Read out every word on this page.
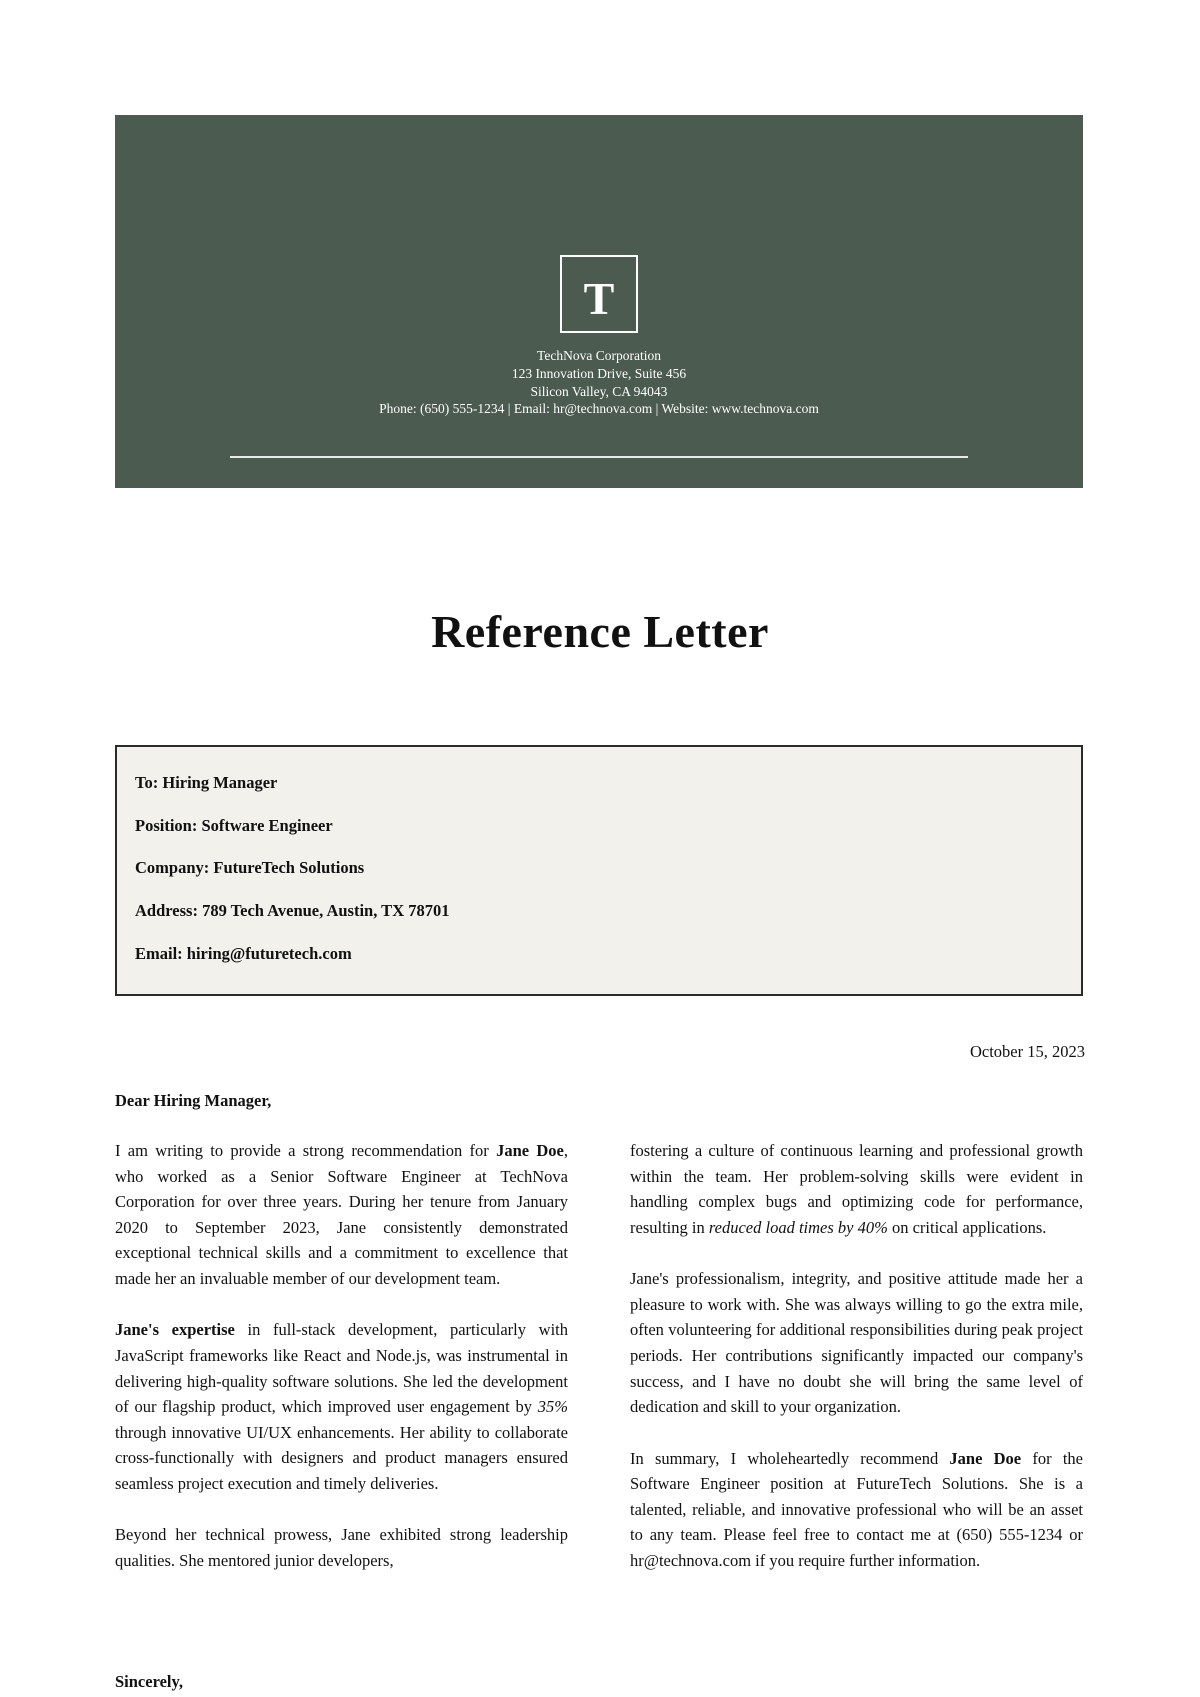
T
TechNova Corporation
123 Innovation Drive, Suite 456
Silicon Valley, CA 94043
Phone: (650) 555-1234 | Email: hr@technova.com | Website: www.technova.com
Reference Letter

To: Hiring Manager

Position: Software Engineer

Company: FutureTech Solutions

Address: 789 Tech Avenue, Austin, TX 78701

Email: hiring@futuretech.com

October 15, 2023
Dear Hiring Manager,

I am writing to provide a strong recommendation for Jane Doe, who worked as a Senior Software Engineer at TechNova Corporation for over three years. During her tenure from January 2020 to September 2023, Jane consistently demonstrated exceptional technical skills and a commitment to excellence that made her an invaluable member of our development team.

Jane's expertise in full-stack development, particularly with JavaScript frameworks like React and Node.js, was instrumental in delivering high-quality software solutions. She led the development of our flagship product, which improved user engagement by 35% through innovative UI/UX enhancements. Her ability to collaborate cross-functionally with designers and product managers ensured seamless project execution and timely deliveries.

Beyond her technical prowess, Jane exhibited strong leadership qualities. She mentored junior developers,

fostering a culture of continuous learning and professional growth within the team. Her problem-solving skills were evident in handling complex bugs and optimizing code for performance, resulting in reduced load times by 40% on critical applications.

Jane's professionalism, integrity, and positive attitude made her a pleasure to work with. She was always willing to go the extra mile, often volunteering for additional responsibilities during peak project periods. Her contributions significantly impacted our company's success, and I have no doubt she will bring the same level of dedication and skill to your organization.

In summary, I wholeheartedly recommend Jane Doe for the Software Engineer position at FutureTech Solutions. She is a talented, reliable, and innovative professional who will be an asset to any team. Please feel free to contact me at (650) 555-1234 or hr@technova.com if you require further information.

Sincerely,
